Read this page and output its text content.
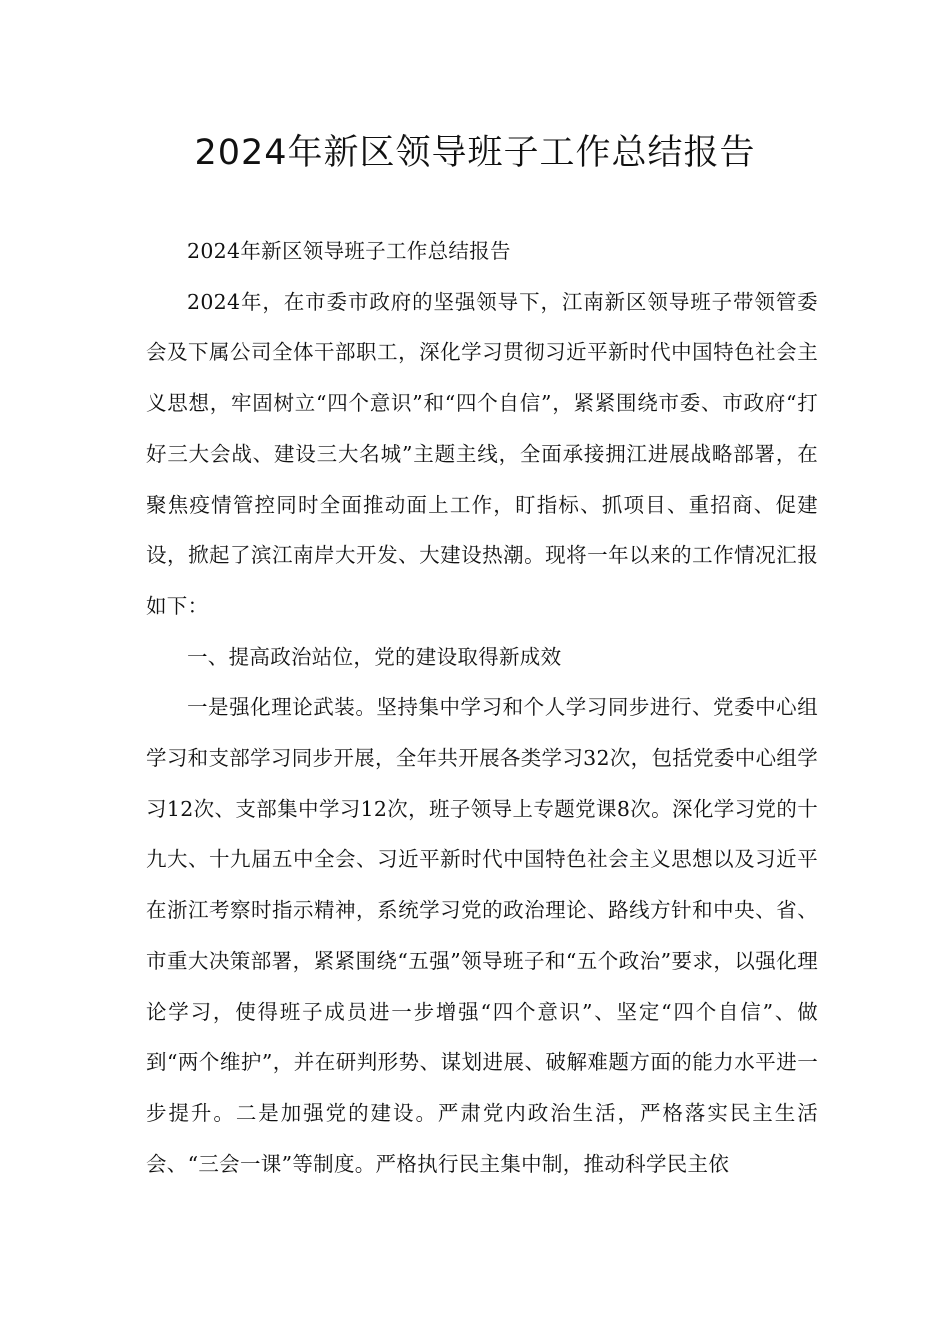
2024年新区领导班子工作总结报告

2024年新区领导班子工作总结报告

2024年，在市委市政府的坚强领导下，江南新区领导班子带领管委会及下属公司全体干部职工，深化学习贯彻习近平新时代中国特色社会主义思想，牢固树立“四个意识”和“四个自信”，紧紧围绕市委、市政府“打好三大会战、建设三大名城”主题主线，全面承接拥江进展战略部署，在聚焦疫情管控同时全面推动面上工作，盯指标、抓项目、重招商、促建设，掀起了滨江南岸大开发、大建设热潮。现将一年以来的工作情况汇报如下：

一、提高政治站位，党的建设取得新成效

一是强化理论武装。坚持集中学习和个人学习同步进行、党委中心组学习和支部学习同步开展，全年共开展各类学习32次，包括党委中心组学习12次、支部集中学习12次，班子领导上专题党课8次。深化学习党的十九大、十九届五中全会、习近平新时代中国特色社会主义思想以及习近平在浙江考察时指示精神，系统学习党的政治理论、路线方针和中央、省、市重大决策部署，紧紧围绕“五强”领导班子和“五个政治”要求，以强化理论学习，使得班子成员进一步增强“四个意识”、坚定“四个自信”、做到“两个维护”，并在研判形势、谋划进展、破解难题方面的能力水平进一步提升。二是加强党的建设。严肃党内政治生活，严格落实民主生活会、“三会一课”等制度。严格执行民主集中制，推动科学民主依
